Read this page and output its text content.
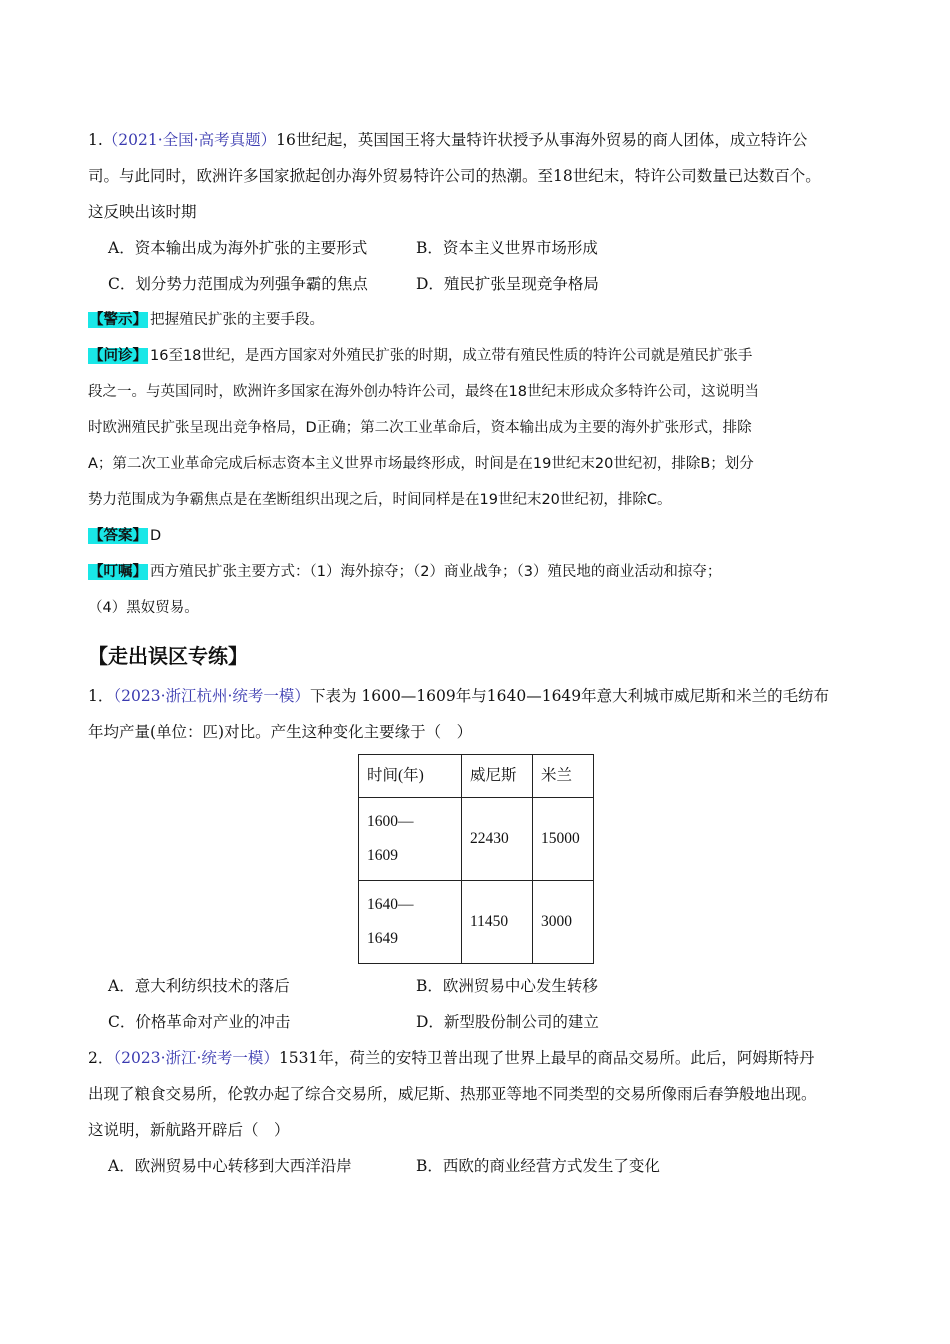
1.（2021·全国·高考真题）16世纪起，英国国王将大量特许状授予从事海外贸易的商人团体，成立特许公
司。与此同时，欧洲许多国家掀起创办海外贸易特许公司的热潮。至18世纪末，特许公司数量已达数百个。
这反映出该时期
A．资本输出成为海外扩张的主要形式	B．资本主义世界市场形成
C．划分势力范围成为列强争霸的焦点	D．殖民扩张呈现竞争格局
【警示】 把握殖民扩张的主要手段。
【问诊】 16至18世纪，是西方国家对外殖民扩张的时期，成立带有殖民性质的特许公司就是殖民扩张手
段之一。与英国同时，欧洲许多国家在海外创办特许公司，最终在18世纪末形成众多特许公司，这说明当
时欧洲殖民扩张呈现出竞争格局，D正确；第二次工业革命后，资本输出成为主要的海外扩张形式，排除
A；第二次工业革命完成后标志资本主义世界市场最终形成，时间是在19世纪末20世纪初，排除B；划分
势力范围成为争霸焦点是在垄断组织出现之后，时间同样是在19世纪末20世纪初，排除C。
【答案】 D
【叮嘱】 西方殖民扩张主要方式：（1）海外掠夺；（2）商业战争；（3）殖民地的商业活动和掠夺；
（4）黑奴贸易。
【走出误区专练】
1．（2023·浙江杭州·统考一模）下表为 1600—1609年与1640—1649年意大利城市威尼斯和米兰的毛纺布
年均产量(单位：匹)对比。产生这种变化主要缘于（　）
时间(年)	威尼斯	米兰

1600—
1609	22430	15000

1640—
1649	11450	3000
A．意大利纺织技术的落后	B．欧洲贸易中心发生转移
C．价格革命对产业的冲击	D．新型股份制公司的建立
2．（2023·浙江·统考一模）1531年，荷兰的安特卫普出现了世界上最早的商品交易所。此后，阿姆斯特丹
出现了粮食交易所，伦敦办起了综合交易所，威尼斯、热那亚等地不同类型的交易所像雨后春笋般地出现。
这说明，新航路开辟后（　）
A．欧洲贸易中心转移到大西洋沿岸	B．西欧的商业经营方式发生了变化
